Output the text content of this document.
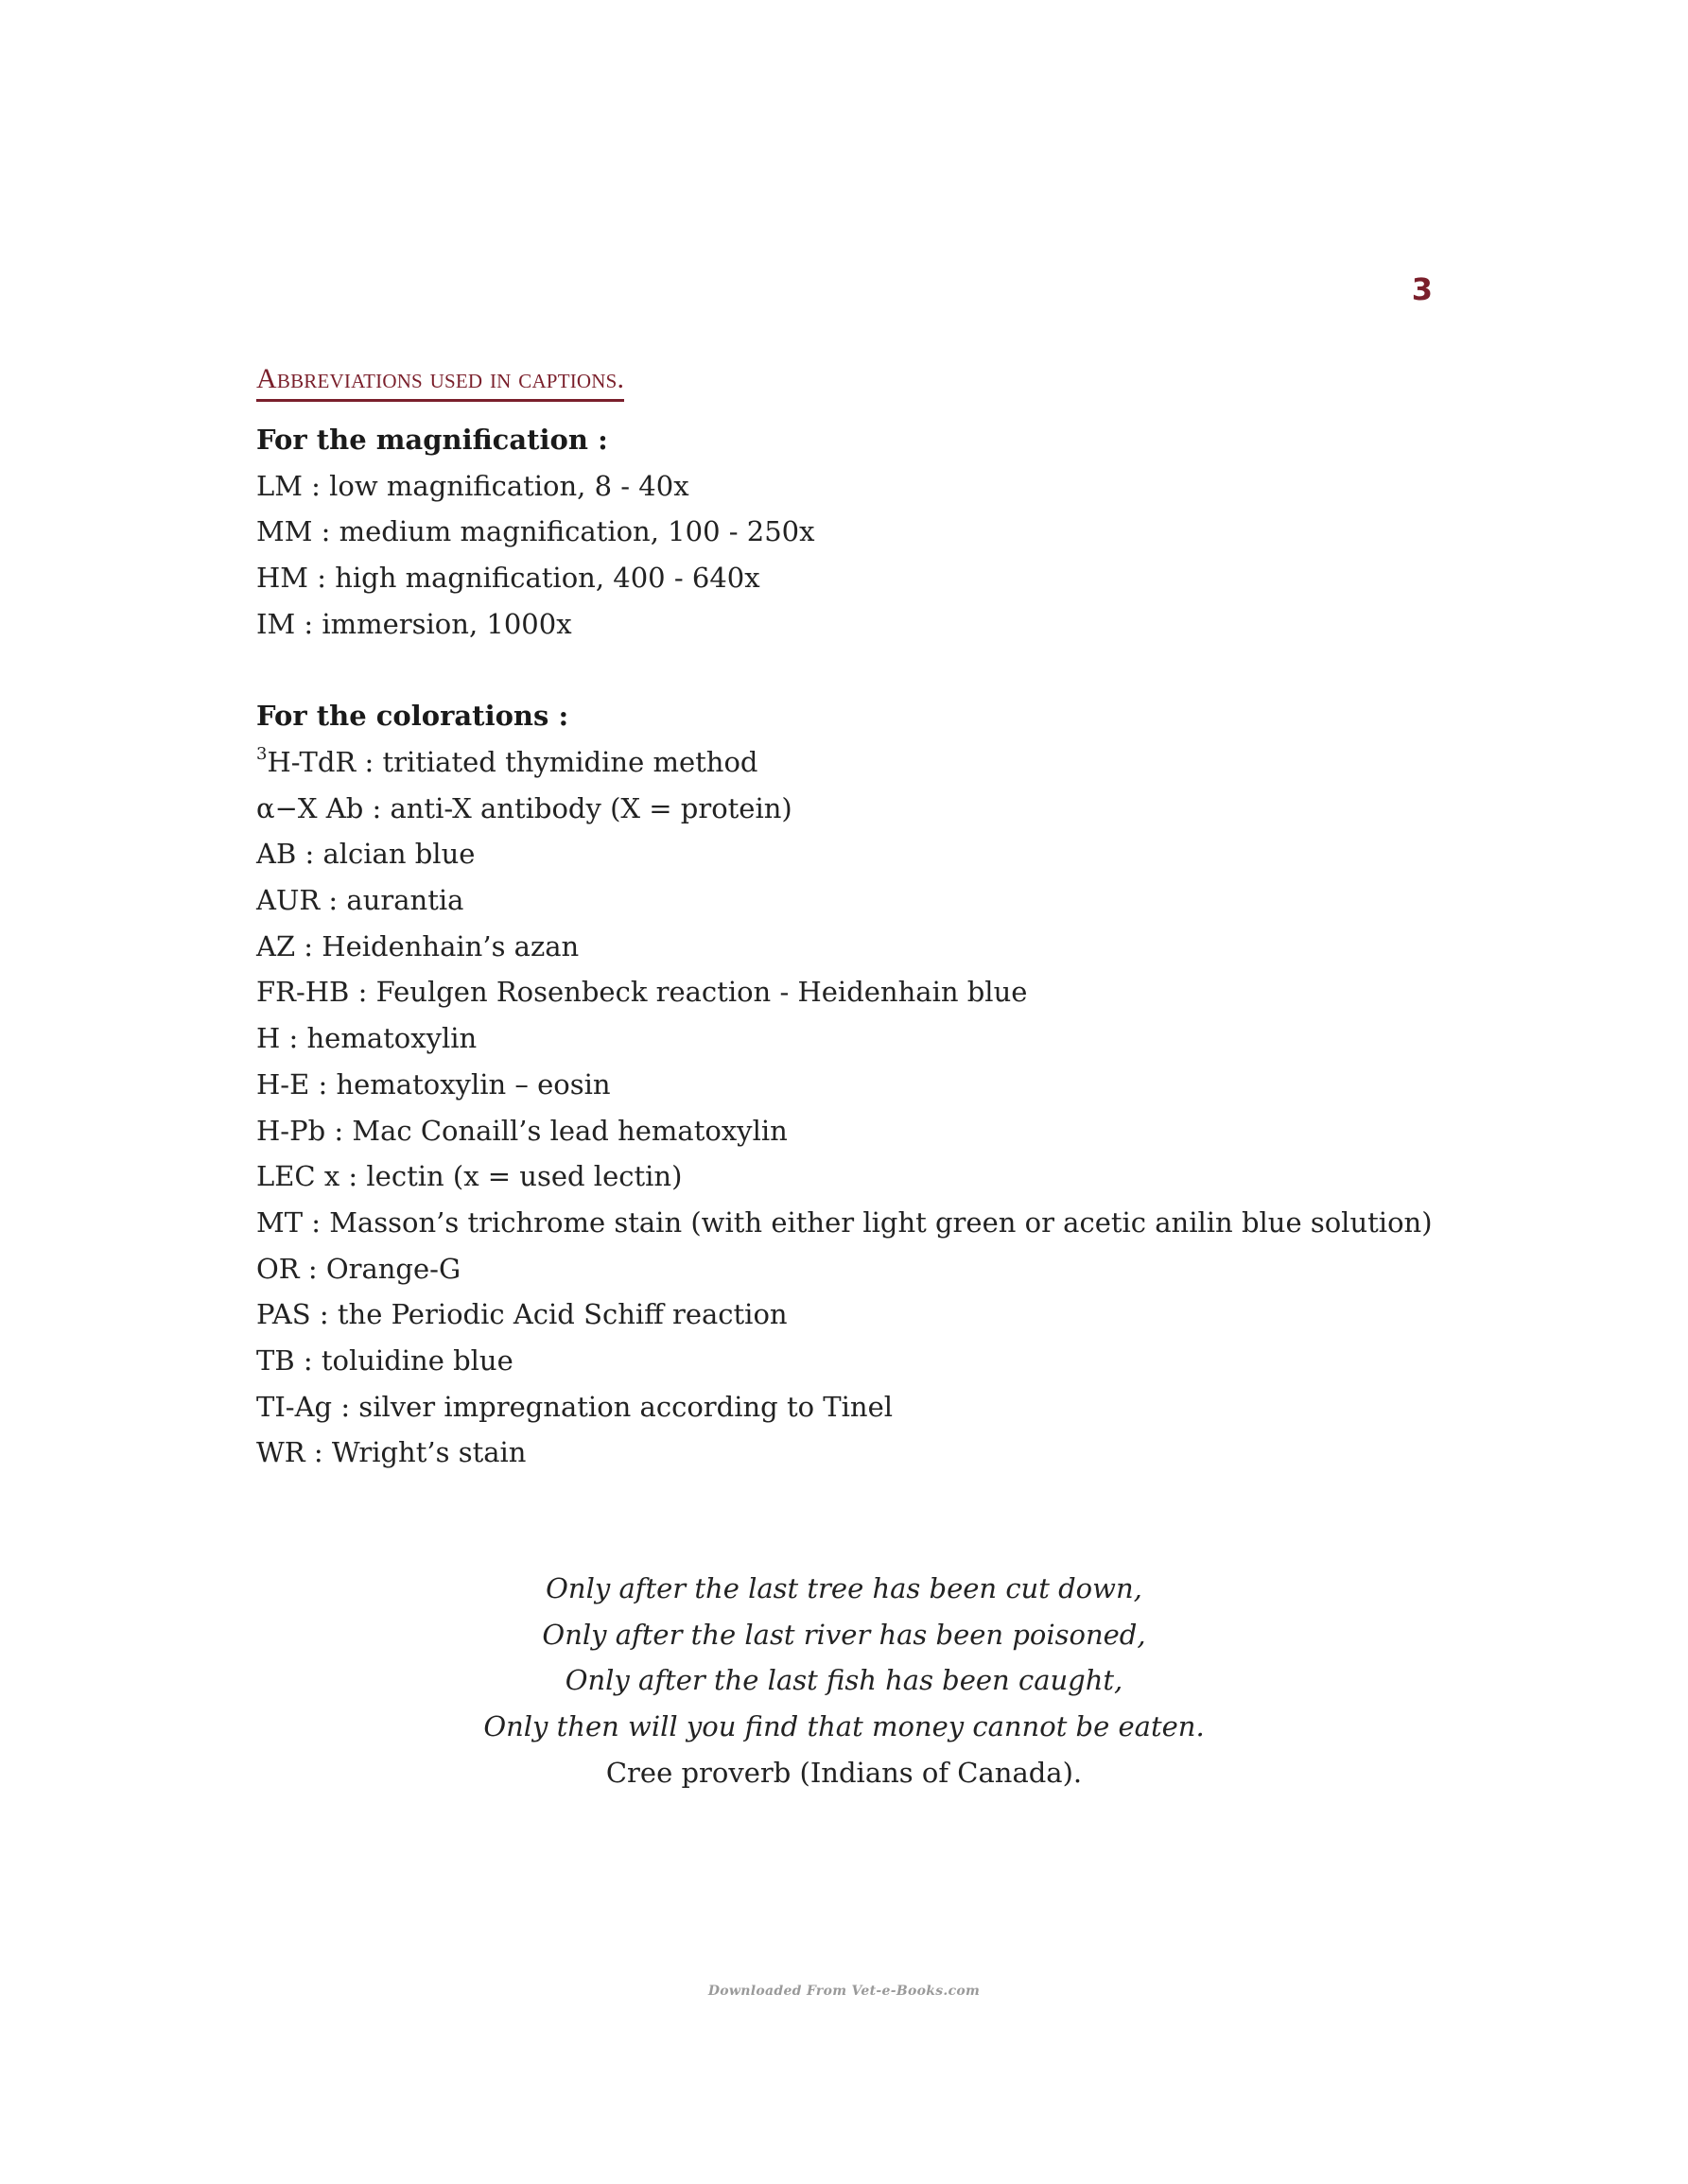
3
Abbreviations used in captions.
For the magnification :
LM : low magnification, 8 - 40x
MM : medium magnification, 100 - 250x
HM : high magnification, 400 - 640x
IM : immersion, 1000x
For the colorations :
$^3$H-TdR : tritiated thymidine method
α−X Ab : anti-X antibody (X = protein)
AB : alcian blue
AUR : aurantia
AZ : Heidenhain’s azan
FR-HB : Feulgen Rosenbeck reaction - Heidenhain blue
H : hematoxylin
H-E : hematoxylin – eosin
H-Pb : Mac Conaill’s lead hematoxylin
LEC x : lectin (x = used lectin)
MT : Masson’s trichrome stain (with either light green or acetic anilin blue solution)
OR : Orange-G
PAS : the Periodic Acid Schiff reaction
TB : toluidine blue
TI-Ag : silver impregnation according to Tinel
WR : Wright’s stain
Only after the last tree has been cut down,
Only after the last river has been poisoned,
Only after the last fish has been caught,
Only then will you find that money cannot be eaten.
Cree proverb (Indians of Canada).
Downloaded From Vet-e-Books.com
